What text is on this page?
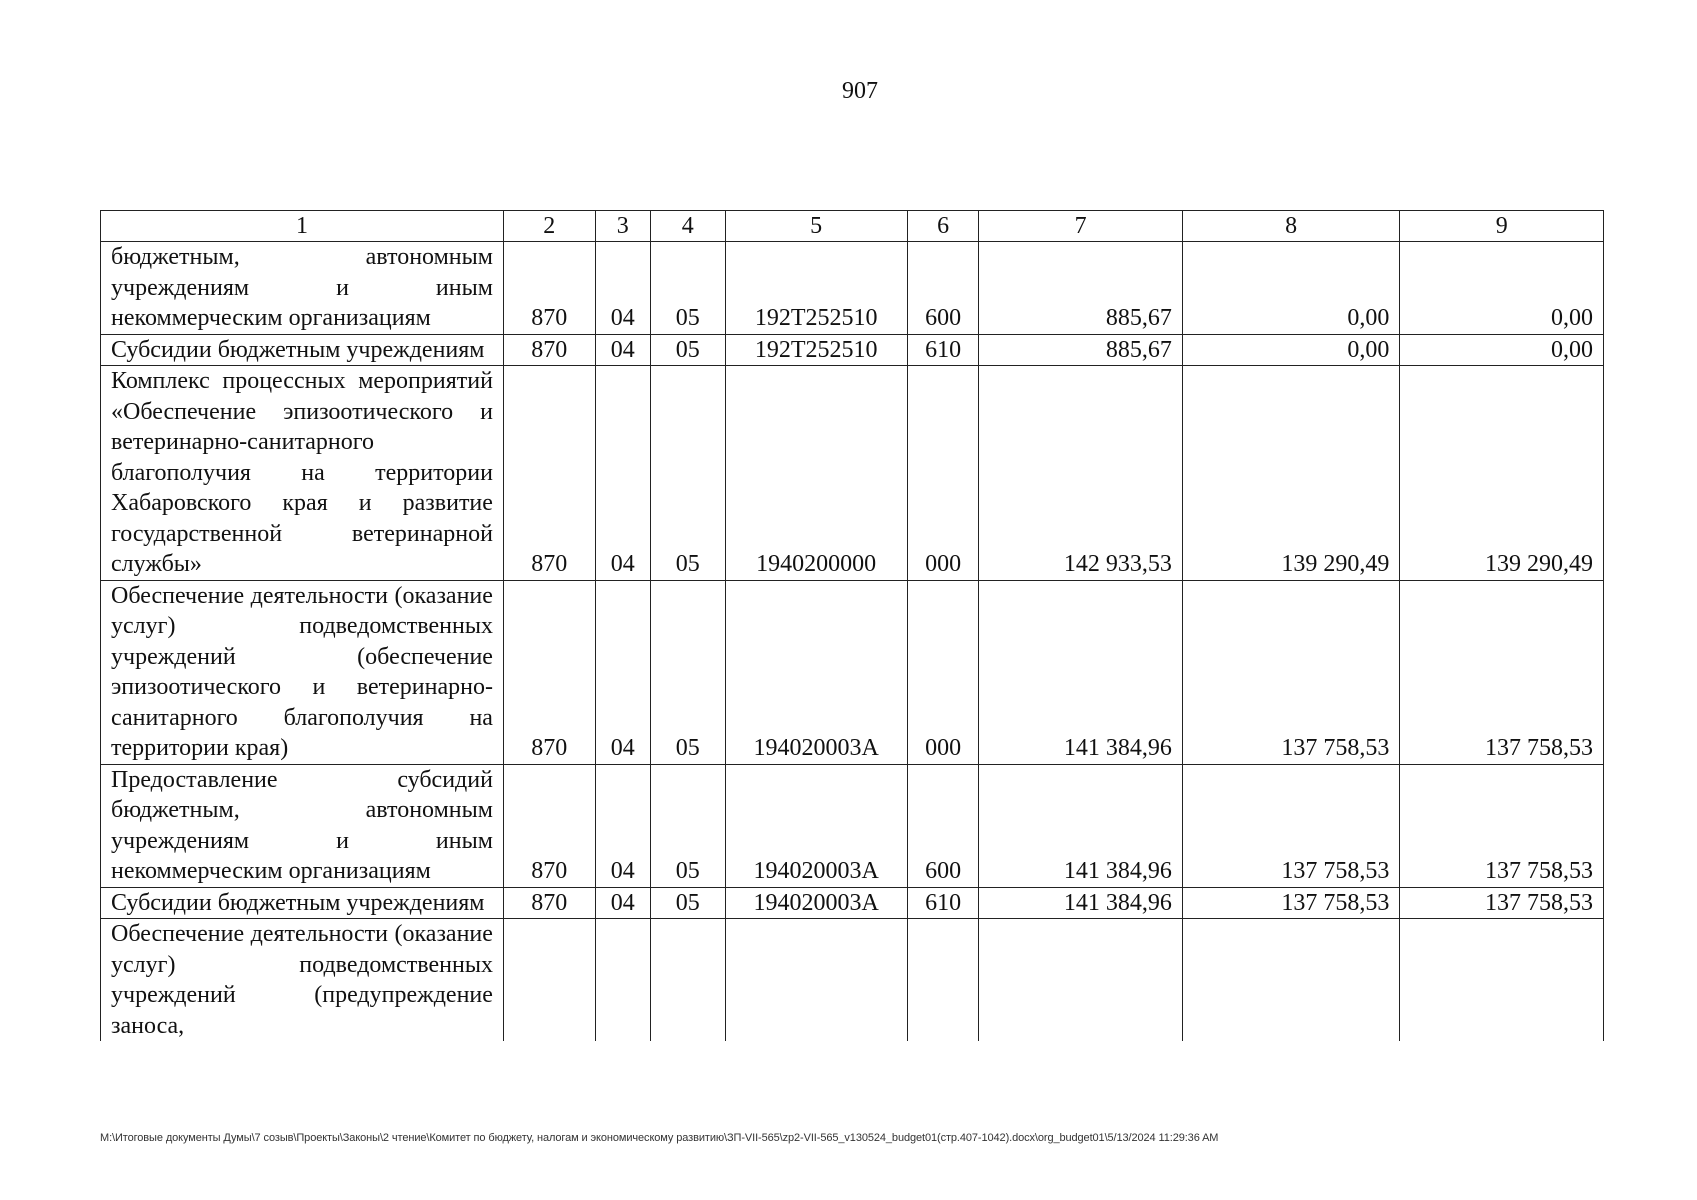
907
1	2	3	4	5	6	7	8	9
бюджетным, автономным учреждениям и иным некоммерческим организациям	870	04	05	192Т252510	600	885,67	0,00	0,00
Субсидии бюджетным учреждениям	870	04	05	192Т252510	610	885,67	0,00	0,00
Комплекс процессных мероприятий «Обеспечение эпизоотического и ветеринарно-санитарного благополучия на территории Хабаровского края и развитие государственной ветеринарной службы»	870	04	05	1940200000	000	142 933,53	139 290,49	139 290,49
Обеспечение деятельности (оказание услуг) подведомственных учреждений (обеспечение эпизоотического и ветеринарно-санитарного благополучия на территории края)	870	04	05	194020003А	000	141 384,96	137 758,53	137 758,53
Предоставление субсидий бюджетным, автономным учреждениям и иным некоммерческим организациям	870	04	05	194020003А	600	141 384,96	137 758,53	137 758,53
Субсидии бюджетным учреждениям	870	04	05	194020003А	610	141 384,96	137 758,53	137 758,53
Обеспечение деятельности (оказание услуг) подведомственных учреждений (предупреждение заноса,								
M:\Итоговые документы Думы\7 созыв\Проекты\Законы\2 чтение\Комитет по бюджету, налогам и экономическому развитию\ЗП-VII-565\zp2-VII-565_v130524_budget01(стр.407-1042).docx\org_budget01\5/13/2024 11:29:36 AM
